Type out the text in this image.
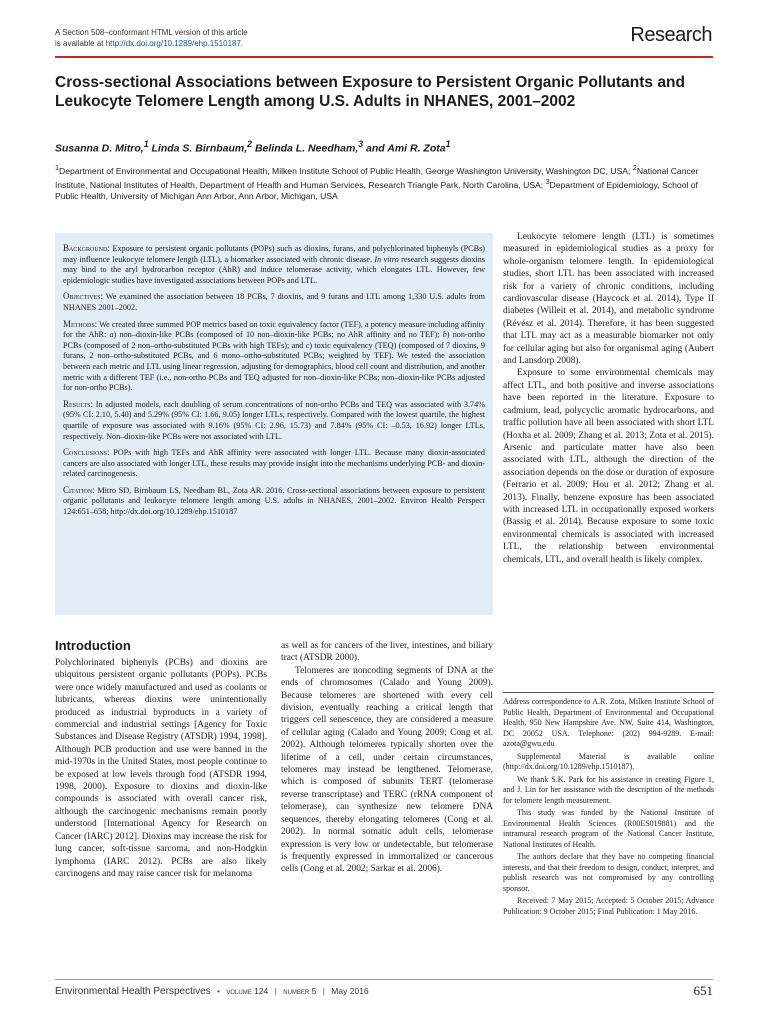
A Section 508–conformant HTML version of this article
is available at http://dx.doi.org/10.1289/ehp.1510187.	Research
Cross-sectional Associations between Exposure to Persistent Organic Pollutants and Leukocyte Telomere Length among U.S. Adults in NHANES, 2001–2002
Susanna D. Mitro,$^1$ Linda S. Birnbaum,$^2$ Belinda L. Needham,$^3$ and Ami R. Zota$^1$
$^1$Department of Environmental and Occupational Health, Milken Institute School of Public Health, George Washington University, Washington DC, USA; $^2$National Cancer Institute, National Institutes of Health, Department of Health and Human Services, Research Triangle Park, North Carolina, USA; $^3$Department of Epidemiology, School of Public Health, University of Michigan Ann Arbor, Ann Arbor, Michigan, USA

Background: Exposure to persistent organic pollutants (POPs) such as dioxins, furans, and polychlorinated biphenyls (PCBs) may influence leukocyte telomere length (LTL), a biomarker associated with chronic disease. In vitro research suggests dioxins may bind to the aryl hydrocarbon receptor (AhR) and induce telomerase activity, which elongates LTL. However, few epidemiologic studies have investigated associations between POPs and LTL.

Objectives: We examined the association between 18 PCBs, 7 dioxins, and 9 furans and LTL among 1,330 U.S. adults from NHANES 2001–2002.

Methods: We created three summed POP metrics based on toxic equivalency factor (TEF), a potency measure including affinity for the AhR: a) non–dioxin-like PCBs (composed of 10 non–dioxin-like PCBs; no AhR affinity and no TEF); b) non-ortho PCBs (composed of 2 non–ortho-substituted PCBs with high TEFs); and c) toxic equivalency (TEQ) (composed of 7 dioxins, 9 furans, 2 non–ortho-substituted PCBs, and 6 mono–ortho-substituted PCBs; weighted by TEF). We tested the association between each metric and LTL using linear regression, adjusting for demographics, blood cell count and distribution, and another metric with a different TEF (i.e., non-ortho PCBs and TEQ adjusted for non–dioxin-like PCBs; non–dioxin-like PCBs adjusted for non-ortho PCBs).

Results: In adjusted models, each doubling of serum concentrations of non-ortho PCBs and TEQ was associated with 3.74% (95% CI: 2.10, 5.40) and 5.29% (95% CI: 1.66, 9.05) longer LTLs, respectively. Compared with the lowest quartile, the highest quartile of exposure was associated with 9.16% (95% CI: 2.96, 15.73) and 7.84% (95% CI: –0.53, 16.92) longer LTLs, respectively. Non–dioxin-like PCBs were not associated with LTL.

Conclusions: POPs with high TEFs and AhR affinity were associated with longer LTL. Because many dioxin-associated cancers are also associated with longer LTL, these results may provide insight into the mechanisms underlying PCB- and dioxin-related carcinogenesis.

Citation: Mitro SD, Birnbaum LS, Needham BL, Zota AR. 2016. Cross-sectional associations between exposure to persistent organic pollutants and leukocyte telomere length among U.S. adults in NHANES, 2001–2002. Environ Health Perspect 124:651–658; http://dx.doi.org/10.1289/ehp.1510187

Leukocyte telomere length (LTL) is sometimes measured in epidemiological studies as a proxy for whole-organism telomere length. In epidemiological studies, short LTL has been associated with increased risk for a variety of chronic conditions, including cardiovascular disease (Haycock et al. 2014), Type II diabetes (Willeit et al. 2014), and metabolic syndrome (Révész et al. 2014). Therefore, it has been suggested that LTL may act as a measurable biomarker not only for cellular aging but also for organismal aging (Aubert and Lansdorp 2008).

Exposure to some environmental chemicals may affect LTL, and both positive and inverse associations have been reported in the literature. Exposure to cadmium, lead, polycyclic aromatic hydrocarbons, and traffic pollution have all been associated with short LTL (Hoxha et al. 2009; Zhang et al. 2013; Zota et al. 2015). Arsenic and particulate matter have also been associated with LTL, although the direction of the association depends on the dose or duration of exposure (Ferrario et al. 2009; Hou et al. 2012; Zhang et al. 2013). Finally, benzene exposure has been associated with increased LTL in occupationally exposed workers (Bassig et al. 2014). Because exposure to some toxic environmental chemicals is associated with increased LTL, the relationship between environmental chemicals, LTL, and overall health is likely complex.

Introduction

Polychlorinated biphenyls (PCBs) and dioxins are ubiquitous persistent organic pollutants (POPs). PCBs were once widely manufactured and used as coolants or lubricants, whereas dioxins were unintentionally produced as industrial byproducts in a variety of commercial and industrial settings [Agency for Toxic Substances and Disease Registry (ATSDR) 1994, 1998]. Although PCB production and use were banned in the mid-1970s in the United States, most people continue to be exposed at low levels through food (ATSDR 1994, 1998, 2000). Exposure to dioxins and dioxin-like compounds is associated with overall cancer risk, although the carcinogenic mechanisms remain poorly understood [International Agency for Research on Cancer (IARC) 2012]. Dioxins may increase the risk for lung cancer, soft-tissue sarcoma, and non-Hodgkin lymphoma (IARC 2012). PCBs are also likely carcinogens and may raise cancer risk for melanoma

as well as for cancers of the liver, intestines, and biliary tract (ATSDR 2000).

Telomeres are noncoding segments of DNA at the ends of chromosomes (Calado and Young 2009). Because telomeres are shortened with every cell division, eventually reaching a critical length that triggers cell senescence, they are considered a measure of cellular aging (Calado and Young 2009; Cong et al. 2002). Although telomeres typically shorten over the lifetime of a cell, under certain circumstances, telomeres may instead be lengthened. Telomerase, which is composed of subunits TERT (telomerase reverse transcriptase) and TERC (rRNA component of telomerase), can synthesize new telomere DNA sequences, thereby elongating telomeres (Cong et al. 2002). In normal somatic adult cells, telomerase expression is very low or undetectable, but telomerase is frequently expressed in immortalized or cancerous cells (Cong et al. 2002; Sarkar et al. 2006).

Address correspondence to A.R. Zota, Milken Institute School of Public Health, Department of Environmental and Occupational Health, 950 New Hampshire Ave. NW, Suite 414, Washington, DC 20052 USA. Telephone: (202) 994-9289. E-mail: azota@gwu.edu

Supplemental Material is available online (http://dx.doi.org/10.1289/ehp.1510187).

We thank S.K. Park for his assistance in creating Figure 1, and J. Lin for her assistance with the description of the methods for telomere length measurement.

This study was funded by the National Institute of Environmental Health Sciences (R00ES019881) and the intramural research program of the National Cancer Institute, National Institutes of Health.

The authors declare that they have no competing financial interests, and that their freedom to design, conduct, interpret, and publish research was not compromised by any controlling sponsor.

Received: 7 May 2015; Accepted: 5 October 2015; Advance Publication: 9 October 2015; Final Publication: 1 May 2016.

Environmental Health Perspectives • volume 124 | number 5 | May 2016	651
